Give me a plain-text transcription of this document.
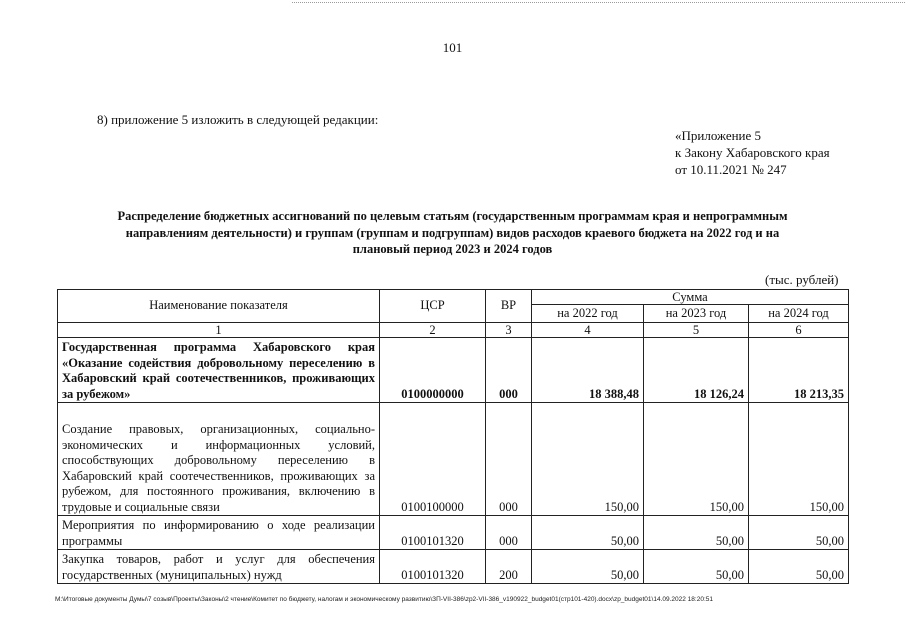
101
8) приложение 5 изложить в следующей редакции:
«Приложение 5
к Закону Хабаровского края
от 10.11.2021 № 247
Распределение бюджетных ассигнований по целевым статьям (государственным программам края и непрограммным
направлениям деятельности) и группам (группам и подгруппам) видов расходов краевого бюджета на 2022 год и на
плановый период 2023 и 2024 годов
(тыс. рублей)
Наименование показателя	ЦСР	ВР	Сумма		
			на 2022 год	на 2023 год	на 2024 год
1	2	3	4	5	6
Государственная программа Хабаровского края «Оказание содействия добровольному переселению в Хабаровский край соотечественников, проживающих за рубежом»	0100000000	000	18 388,48	18 126,24	18 213,35
Создание правовых, организационных, социально-экономических и информационных условий, способствующих добровольному переселению в Хабаровский край соотечественников, проживающих за рубежом, для постоянного проживания, включению в трудовые и социальные связи	0100100000	000	150,00	150,00	150,00
Мероприятия по информированию о ходе реализации программы	0100101320	000	50,00	50,00	50,00
Закупка товаров, работ и услуг для обеспечения государственных (муниципальных) нужд	0100101320	200	50,00	50,00	50,00
M:\Итоговые документы Думы\7 созыв\Проекты\Законы\2 чтение\Комитет по бюджету, налогам и экономическому развитию\ЗП-VII-386\zp2-VII-386_v190922_budget01(стр101-420).docx\zp_budget01\14.09.2022 18:20:51
